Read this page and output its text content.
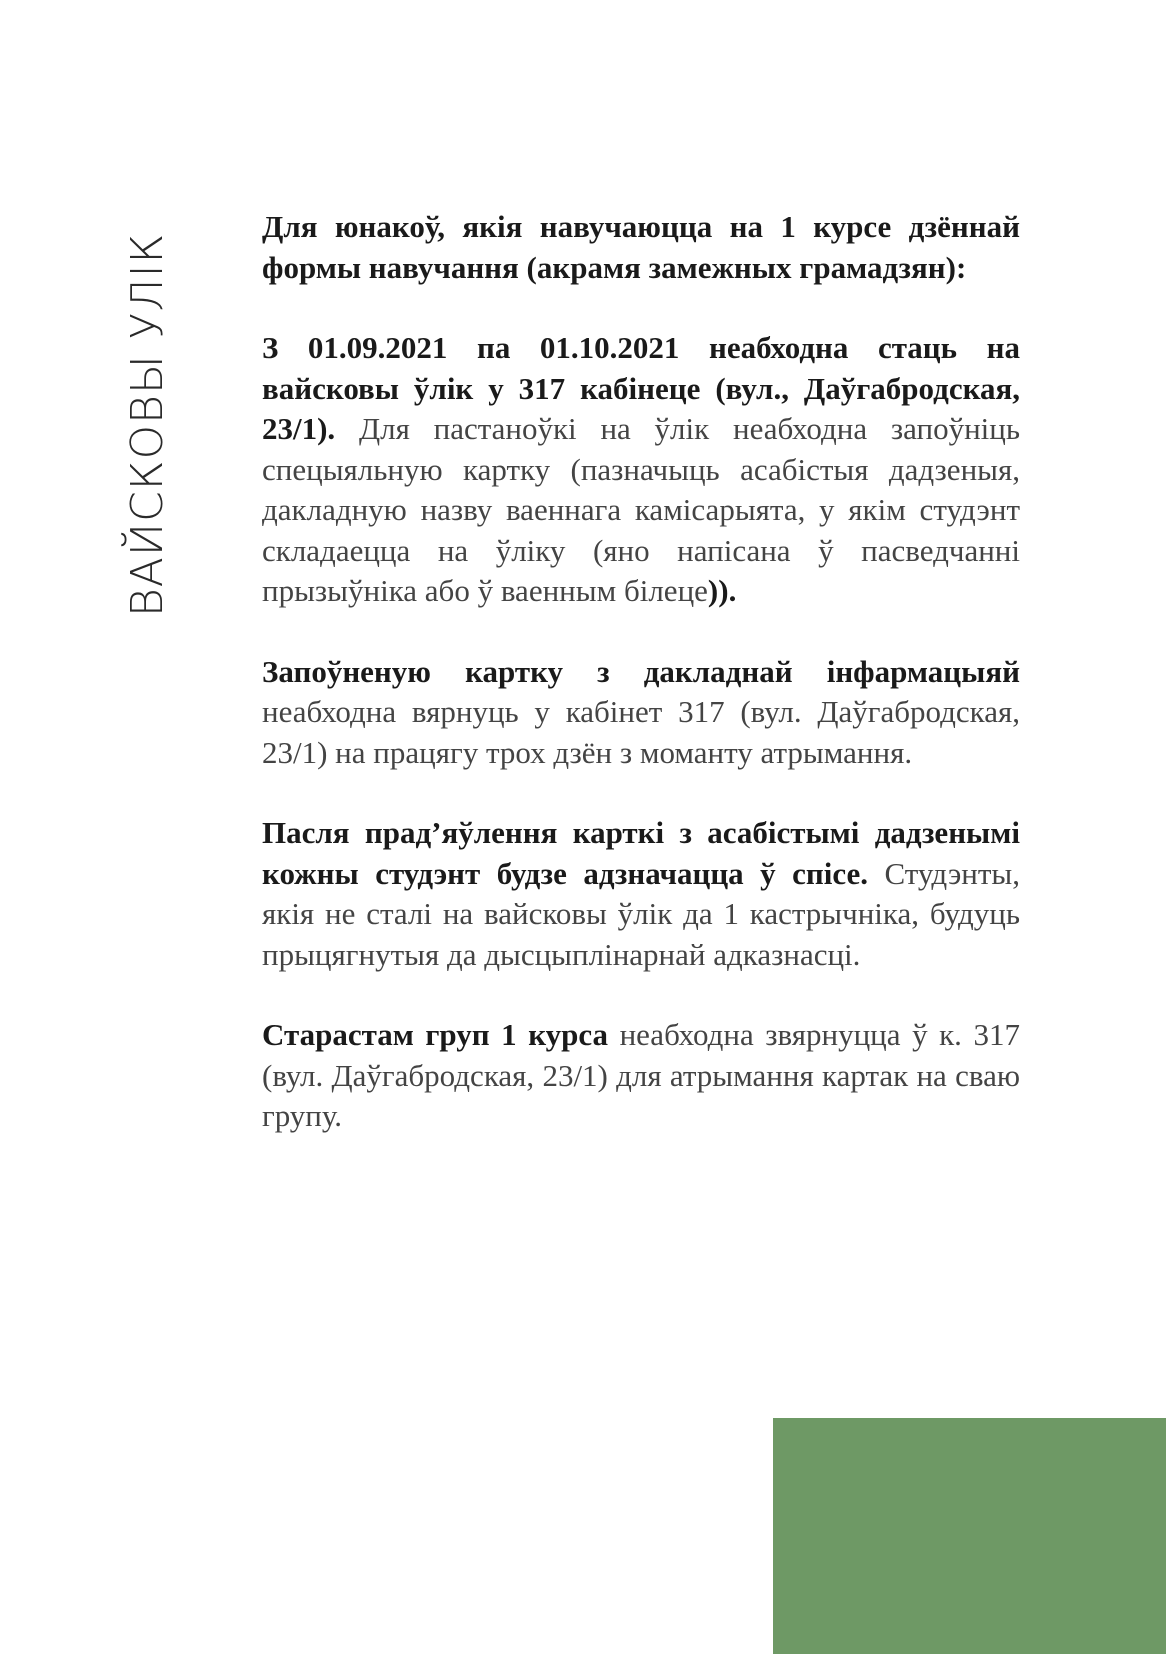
ВАЙСКОВЫ УЛІК

Для юнакоў, якія навучаюцца на 1 курсе дзённай формы навучання (акрамя замежных грамадзян):

З 01.09.2021 па 01.10.2021 неабходна стаць на вайсковы ўлік у 317 кабінеце (вул., Даўгабродская, 23/1). Для пастаноўкі на ўлік неабходна запоўніць спецыяльную картку (пазначыць асабістыя дадзеныя, дакладную назву ваеннага камісарыята, у якім студэнт складаецца на ўліку (яно напісана ў пасведчанні прызыўніка або ў ваенным білеце)).

Запоўненую картку з дакладнай інфармацыяй неабходна вярнуць у кабінет 317 (вул. Даўгабродская, 23/1) на працягу трох дзён з моманту атрымання.

Пасля прад’яўлення карткі з асабістымі дадзенымі кожны студэнт будзе адзначацца ў спісе. Студэнты, якія не сталі на вайсковы ўлік да 1 кастрычніка, будуць прыцягнутыя да дысцыплінарнай адказнасці.

Старастам груп 1 курса неабходна звярнуцца ў к. 317 (вул. Даўгабродская, 23/1) для атрымання картак на сваю групу.
